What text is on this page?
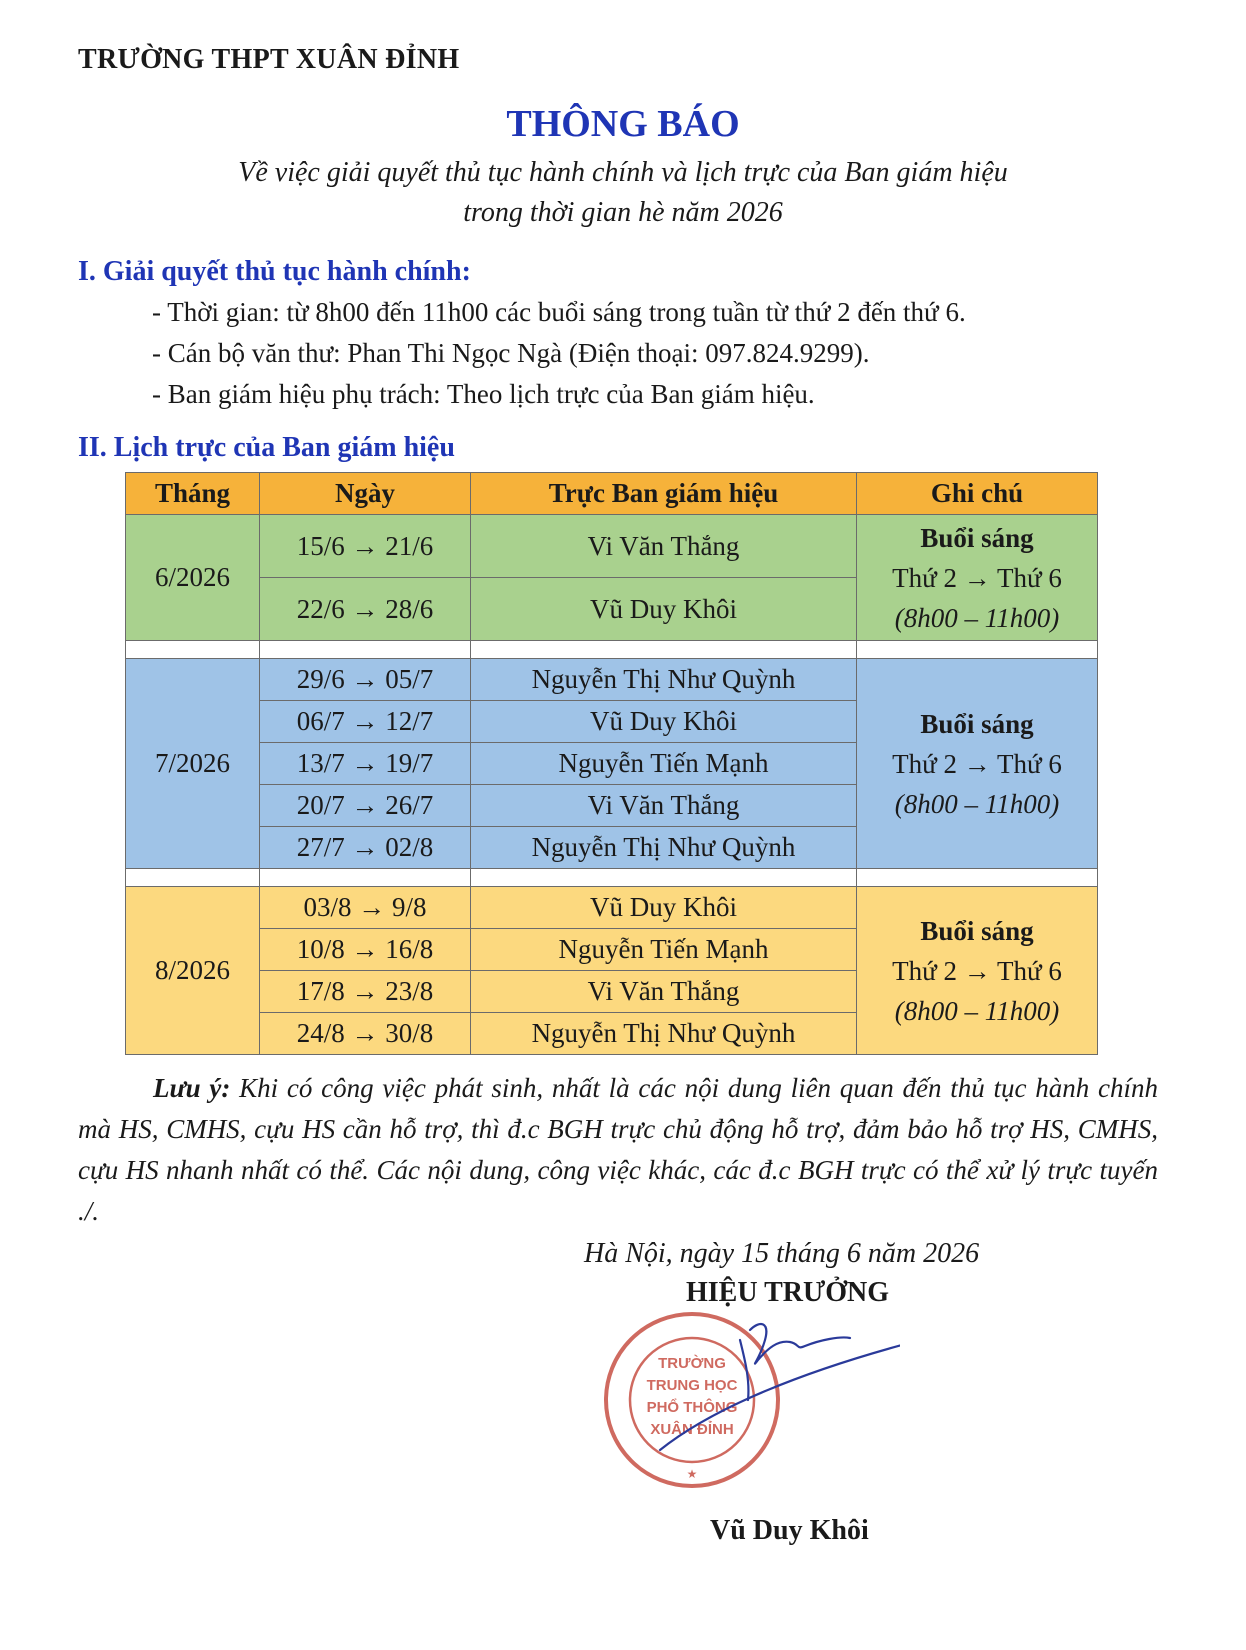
TRƯỜNG THPT XUÂN ĐỈNH
THÔNG BÁO
Về việc giải quyết thủ tục hành chính và lịch trực của Ban giám hiệu
trong thời gian hè năm 2026
I. Giải quyết thủ tục hành chính:
- Thời gian: từ 8h00 đến 11h00 các buổi sáng trong tuần từ thứ 2 đến thứ 6.
- Cán bộ văn thư: Phan Thi Ngọc Ngà (Điện thoại: 097.824.9299).
- Ban giám hiệu phụ trách: Theo lịch trực của Ban giám hiệu.
II. Lịch trực của Ban giám hiệu
Tháng	Ngày	Trực Ban giám hiệu	Ghi chú
6/2026	15/6 → 21/6	Vi Văn Thắng	Buổi sáng
Thứ 2 → Thứ 6
(8h00 – 11h00)

	22/6 → 28/6	Vũ Duy Khôi	

7/2026	29/6 → 05/7	Nguyễn Thị Như Quỳnh	Buổi sáng
Thứ 2 → Thứ 6
(8h00 – 11h00)

	06/7 → 12/7	Vũ Duy Khôi	
	13/7 → 19/7	Nguyễn Tiến Mạnh	
	20/7 → 26/7	Vi Văn Thắng	
	27/7 → 02/8	Nguyễn Thị Như Quỳnh	

8/2026	03/8 → 9/8	Vũ Duy Khôi	Buổi sáng
Thứ 2 → Thứ 6
(8h00 – 11h00)

	10/8 → 16/8	Nguyễn Tiến Mạnh	
	17/8 → 23/8	Vi Văn Thắng	
	24/8 → 30/8	Nguyễn Thị Như Quỳnh	
Lưu ý: Khi có công việc phát sinh, nhất là các nội dung liên quan đến thủ tục hành chính mà HS, CMHS, cựu HS cần hỗ trợ, thì đ.c BGH trực chủ động hỗ trợ, đảm bảo hỗ trợ HS, CMHS, cựu HS nhanh nhất có thể. Các nội dung, công việc khác, các đ.c BGH trực có thể xử lý trực tuyến ./.
Hà Nội, ngày 15 tháng 6 năm 2026
HIỆU TRƯỞNG
TRƯỜNG
TRUNG HỌC
PHỔ THÔNG
XUÂN ĐỈNH
★
Vũ Duy Khôi
